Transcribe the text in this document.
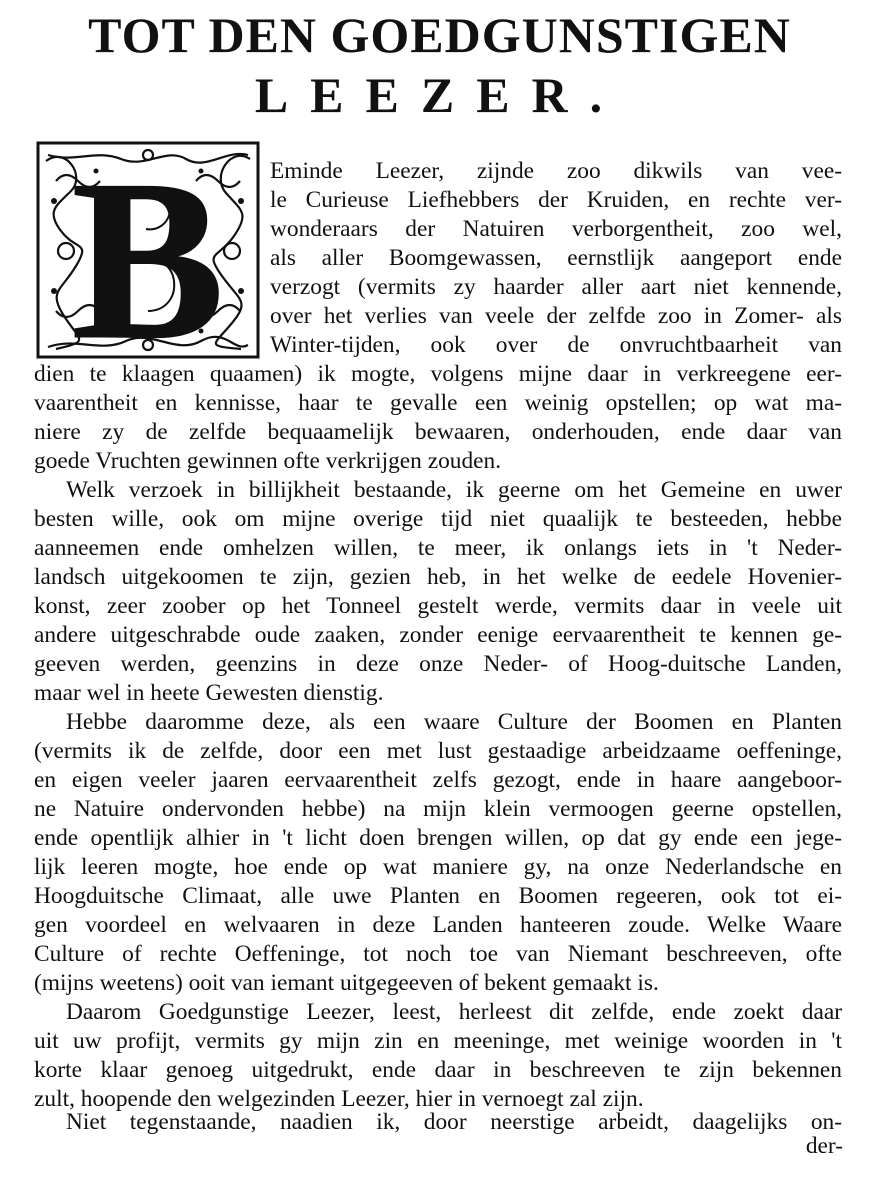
TOT DEN GOEDGUNSTIGEN
LEEZER.
B Eminde Leezer, zijnde zoo dikwils van vee-
le Curieuse Liefhebbers der Kruiden, en rechte ver-
wonderaars der Natuiren verborgentheit, zoo wel,
als aller Boomgewassen, eernstlijk aangeport ende
verzogt (vermits zy haarder aller aart niet kennende,
over het verlies van veele der zelfde zoo in Zomer- als
Winter-tijden, ook over de onvruchtbaarheit van
dien te klaagen quaamen) ik mogte, volgens mijne daar in verkreegene eer-
vaarentheit en kennisse, haar te gevalle een weinig opstellen; op wat ma-
niere zy de zelfde bequaamelijk bewaaren, onderhouden, ende daar van
goede Vruchten gewinnen ofte verkrijgen zouden.
Welk verzoek in billijkheit bestaande, ik geerne om het Gemeine en uwer
besten wille, ook om mijne overige tijd niet quaalijk te besteeden, hebbe
aanneemen ende omhelzen willen, te meer, ik onlangs iets in 't Neder-
landsch uitgekoomen te zijn, gezien heb, in het welke de eedele Hovenier-
konst, zeer zoober op het Tonneel gestelt werde, vermits daar in veele uit
andere uitgeschrabde oude zaaken, zonder eenige eervaarentheit te kennen ge-
geeven werden, geenzins in deze onze Neder- of Hoog-duitsche Landen,
maar wel in heete Gewesten dienstig.
Hebbe daaromme deze, als een waare Culture der Boomen en Planten
(vermits ik de zelfde, door een met lust gestaadige arbeidzaame oeffeninge,
en eigen veeler jaaren eervaarentheit zelfs gezogt, ende in haare aangeboor-
ne Natuire ondervonden hebbe) na mijn klein vermoogen geerne opstellen,
ende opentlijk alhier in 't licht doen brengen willen, op dat gy ende een jege-
lijk leeren mogte, hoe ende op wat maniere gy, na onze Nederlandsche en
Hoogduitsche Climaat, alle uwe Planten en Boomen regeeren, ook tot ei-
gen voordeel en welvaaren in deze Landen hanteeren zoude. Welke Waare
Culture of rechte Oeffeninge, tot noch toe van Niemant beschreeven, ofte
(mijns weetens) ooit van iemant uitgegeeven of bekent gemaakt is.
Daarom Goedgunstige Leezer, leest, herleest dit zelfde, ende zoekt daar
uit uw profijt, vermits gy mijn zin en meeninge, met weinige woorden in 't
korte klaar genoeg uitgedrukt, ende daar in beschreeven te zijn bekennen
zult, hoopende den welgezinden Leezer, hier in vernoegt zal zijn.
Niet tegenstaande, naadien ik, door neerstige arbeidt, daagelijks on-
der-
